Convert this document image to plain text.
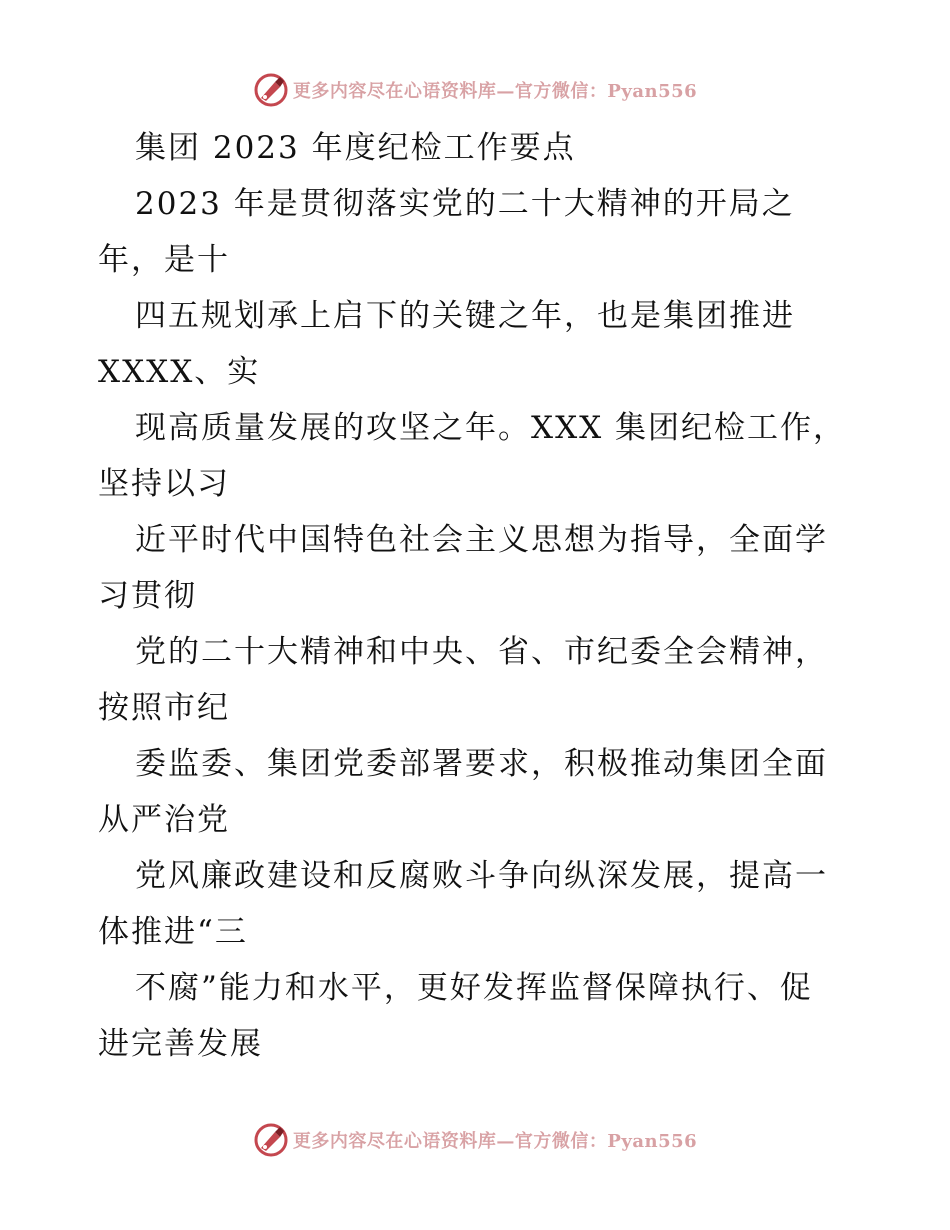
更多内容尽在心语资料库—官方微信：Pyan556
集团 2023 年度纪检工作要点
2023 年是贯彻落实党的二十大精神的开局之
年，是十
四五规划承上启下的关键之年，也是集团推进
XXXX、实
现高质量发展的攻坚之年。XXX 集团纪检工作，
坚持以习
近平时代中国特色社会主义思想为指导，全面学
习贯彻
党的二十大精神和中央、省、市纪委全会精神，
按照市纪
委监委、集团党委部署要求，积极推动集团全面
从严治党
党风廉政建设和反腐败斗争向纵深发展，提高一
体推进“三
不腐”能力和水平，更好发挥监督保障执行、促
进完善发展
更多内容尽在心语资料库—官方微信：Pyan556
